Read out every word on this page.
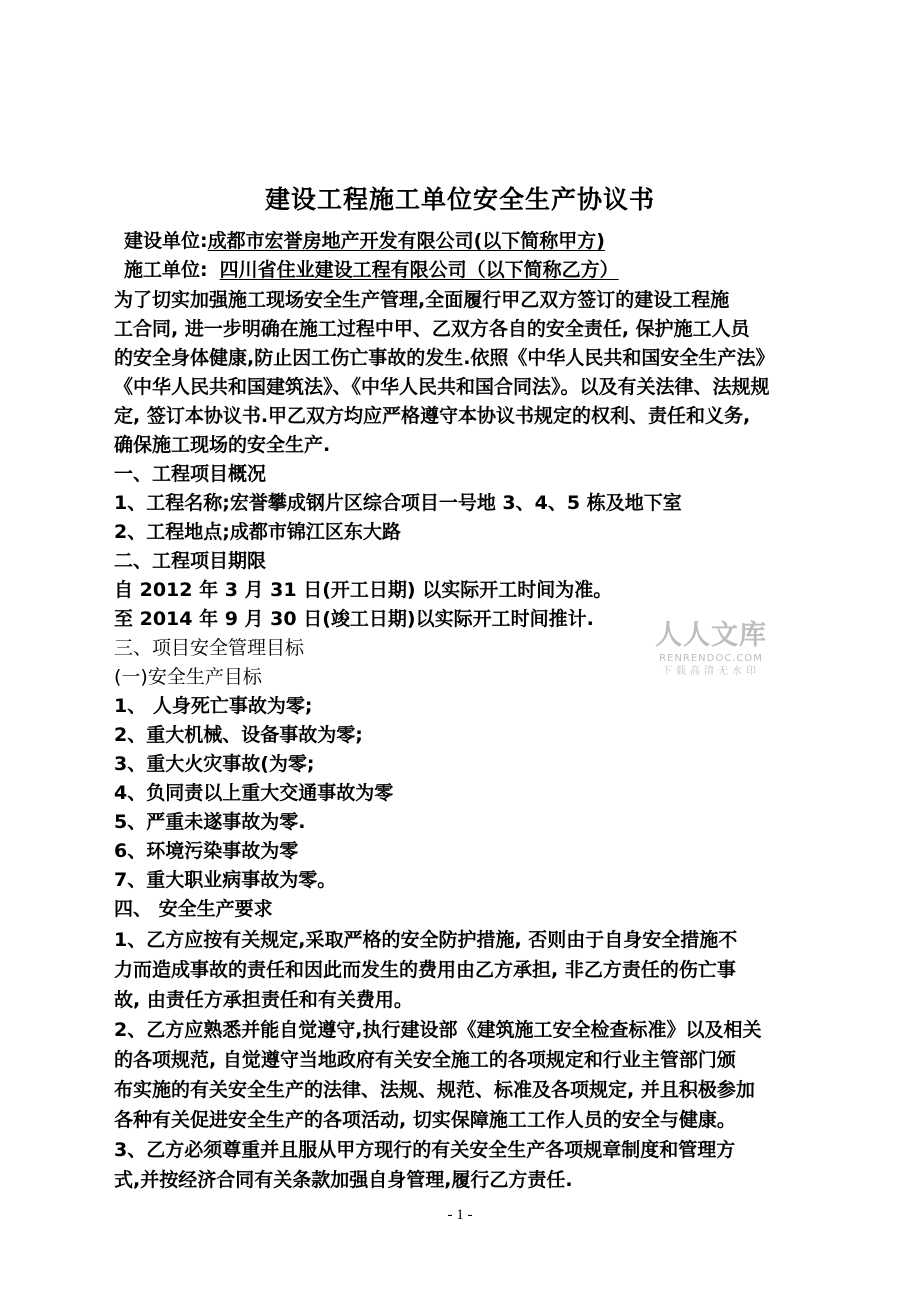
建设工程施工单位安全生产协议书
建设单位:成都市宏誉房地产开发有限公司(以下简称甲方)
施工单位: 四川省住业建设工程有限公司（以下简称乙方）
为了切实加强施工现场安全生产管理,全面履行甲乙双方签订的建设工程施
工合同, 进一步明确在施工过程中甲、乙双方各自的安全责任, 保护施工人员
的安全身体健康,防止因工伤亡事故的发生.依照《中华人民共和国安全生产法》
《中华人民共和国建筑法》、《中华人民共和国合同法》。以及有关法律、法规规
定, 签订本协议书.甲乙双方均应严格遵守本协议书规定的权利、责任和义务,
确保施工现场的安全生产.
一、工程项目概况
1、工程名称;宏誉攀成钢片区综合项目一号地 3、4、5 栋及地下室
2、工程地点;成都市锦江区东大路
二、工程项目期限
自 2012 年 3 月 31 日(开工日期) 以实际开工时间为准。
至 2014 年 9 月 30 日(竣工日期)以实际开工时间推计.
三、项目安全管理目标
(一)安全生产目标
1、 人身死亡事故为零;
2、重大机械、设备事故为零;
3、重大火灾事故(为零;
4、负同责以上重大交通事故为零
5、严重未遂事故为零.
6、环境污染事故为零
7、重大职业病事故为零。
四、 安全生产要求
1、乙方应按有关规定,采取严格的安全防护措施, 否则由于自身安全措施不
力而造成事故的责任和因此而发生的费用由乙方承担, 非乙方责任的伤亡事
故, 由责任方承担责任和有关费用。
2、乙方应熟悉并能自觉遵守,执行建设部《建筑施工安全检查标准》以及相关
的各项规范, 自觉遵守当地政府有关安全施工的各项规定和行业主管部门颁
布实施的有关安全生产的法律、法规、规范、标准及各项规定, 并且积极参加
各种有关促进安全生产的各项活动, 切实保障施工工作人员的安全与健康。
3、乙方必须尊重并且服从甲方现行的有关安全生产各项规章制度和管理方
式,并按经济合同有关条款加强自身管理,履行乙方责任.
人人文库
RENRENDOC.COM
下载高清无水印
- 1 -
